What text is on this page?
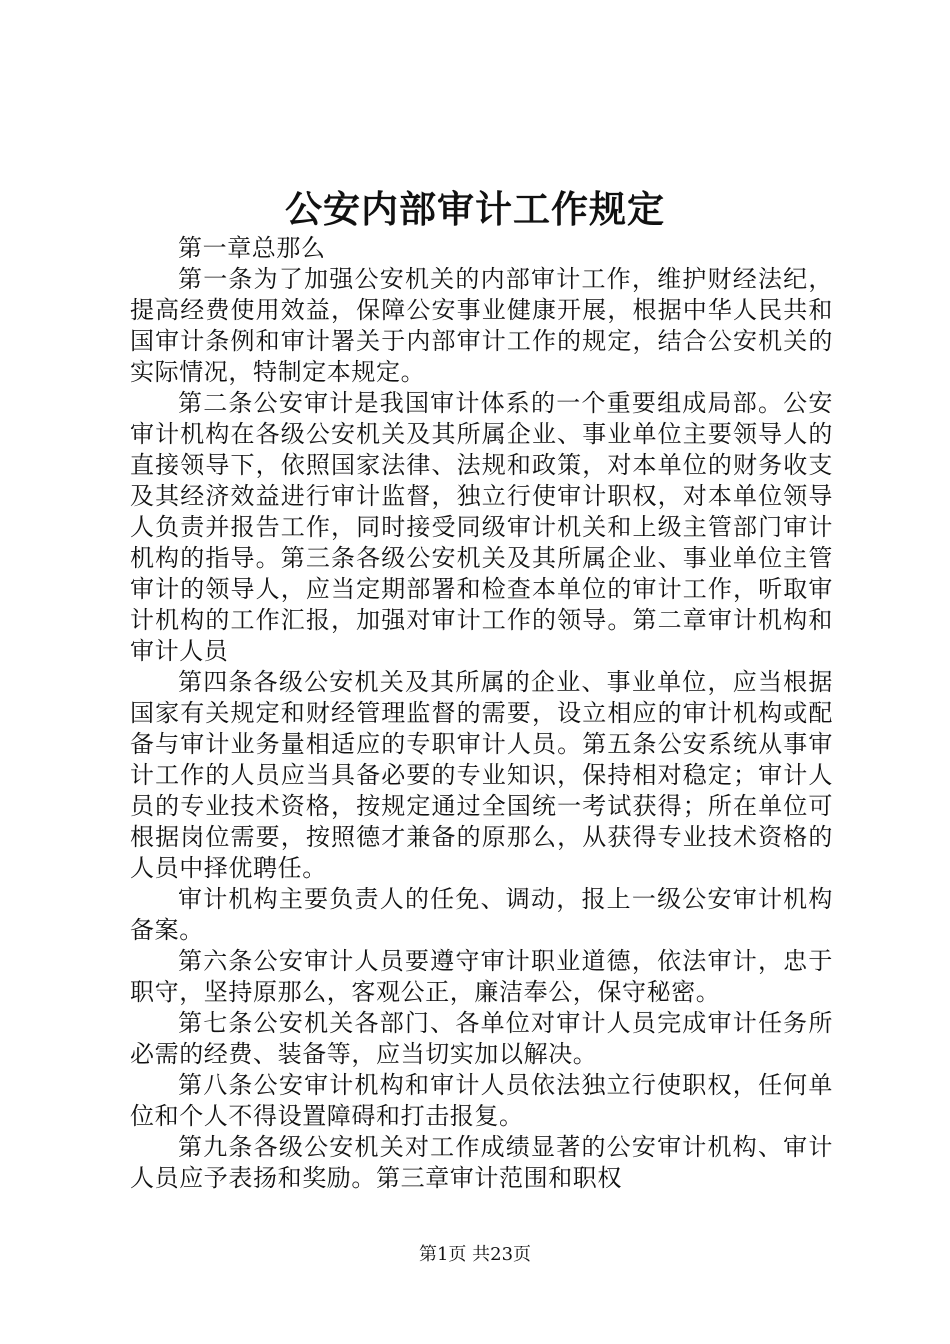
公安内部审计工作规定

第一章总那么

第一条为了加强公安机关的内部审计工作，维护财经法纪，提高经费使用效益，保障公安事业健康开展，根据中华人民共和国审计条例和审计署关于内部审计工作的规定，结合公安机关的实际情况，特制定本规定。

第二条公安审计是我国审计体系的一个重要组成局部。公安审计机构在各级公安机关及其所属企业、事业单位主要领导人的直接领导下，依照国家法律、法规和政策，对本单位的财务收支及其经济效益进行审计监督，独立行使审计职权，对本单位领导人负责并报告工作，同时接受同级审计机关和上级主管部门审计机构的指导。第三条各级公安机关及其所属企业、事业单位主管审计的领导人，应当定期部署和检查本单位的审计工作，听取审计机构的工作汇报，加强对审计工作的领导。第二章审计机构和审计人员

第四条各级公安机关及其所属的企业、事业单位，应当根据国家有关规定和财经管理监督的需要，设立相应的审计机构或配备与审计业务量相适应的专职审计人员。第五条公安系统从事审计工作的人员应当具备必要的专业知识，保持相对稳定；审计人员的专业技术资格，按规定通过全国统一考试获得；所在单位可根据岗位需要，按照德才兼备的原那么，从获得专业技术资格的人员中择优聘任。

审计机构主要负责人的任免、调动，报上一级公安审计机构备案。

第六条公安审计人员要遵守审计职业道德，依法审计，忠于职守，坚持原那么，客观公正，廉洁奉公，保守秘密。

第七条公安机关各部门、各单位对审计人员完成审计任务所必需的经费、装备等，应当切实加以解决。

第八条公安审计机构和审计人员依法独立行使职权，任何单位和个人不得设置障碍和打击报复。

第九条各级公安机关对工作成绩显著的公安审计机构、审计人员应予表扬和奖励。第三章审计范围和职权

第1页 共23页
